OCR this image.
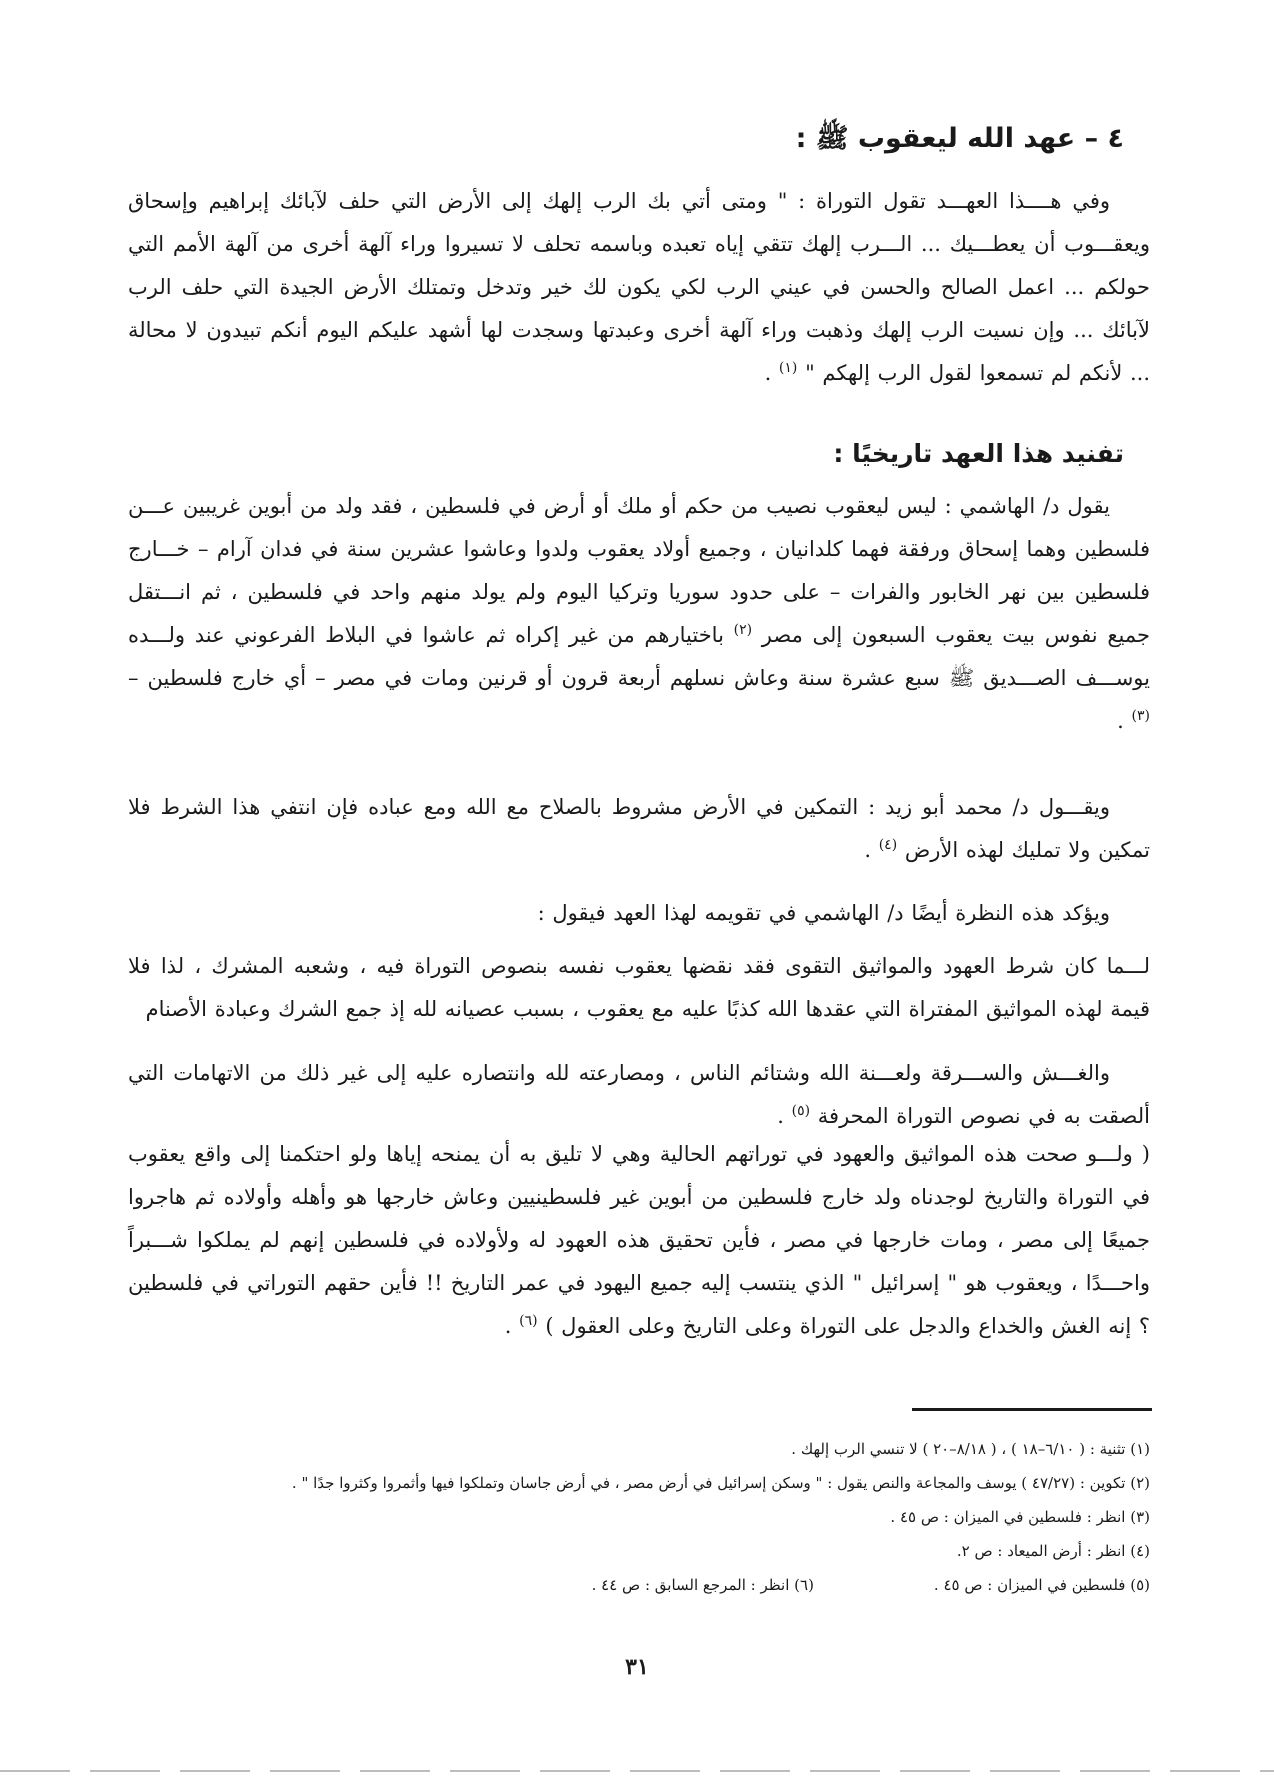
٤ – عهد الله ليعقوب ﷺ :
وفي هــــذا العهـــد تقول التوراة : " ومتى أتي بك الرب إلهك إلى الأرض التي حلف لآبائك إبراهيم وإسحاق ويعقـــوب أن يعطـــيك ... الـــرب إلهك تتقي إياه تعبده وباسمه تحلف لا تسيروا وراء آلهة أخرى من آلهة الأمم التي حولكم ... اعمل الصالح والحسن في عيني الرب لكي يكون لك خير وتدخل وتمتلك الأرض الجيدة التي حلف الرب لآبائك ... وإن نسيت الرب إلهك وذهبت وراء آلهة أخرى وعبدتها وسجدت لها أشهد عليكم اليوم أنكم تبيدون لا محالة ... لأنكم لم تسمعوا لقول الرب إلهكم " $^{(١)}$ .
تفنيد هذا العهد تاريخيًا :
يقول د/ الهاشمي : ليس ليعقوب نصيب من حكم أو ملك أو أرض في فلسطين ، فقد ولد من أبوين غريبين عـــن فلسطين وهما إسحاق ورفقة فهما كلدانيان ، وجميع أولاد يعقوب ولدوا وعاشوا عشرين سنة في فدان آرام – خـــارج فلسطين بين نهر الخابور والفرات – على حدود سوريا وتركيا اليوم ولم يولد منهم واحد في فلسطين ، ثم انـــتقل جميع نفوس بيت يعقوب السبعون إلى مصر $^{(٢)}$ باختيارهم من غير إكراه ثم عاشوا في البلاط الفرعوني عند ولـــده يوســـف الصـــديق ﷺ سبع عشرة سنة وعاش نسلهم أربعة قرون أو قرنين ومات في مصر – أي خارج فلسطين – $^{(٣)}$ .
ويقـــول د/ محمد أبو زيد : التمكين في الأرض مشروط بالصلاح مع الله ومع عباده فإن انتفي هذا الشرط فلا تمكين ولا تمليك لهذه الأرض $^{(٤)}$ .
ويؤكد هذه النظرة أيضًا د/ الهاشمي في تقويمه لهذا العهد فيقول :
لـــما كان شرط العهود والمواثيق التقوى فقد نقضها يعقوب نفسه بنصوص التوراة فيه ، وشعبه المشرك ، لذا فلا قيمة لهذه المواثيق المفتراة التي عقدها الله كذبًا عليه مع يعقوب ، بسبب عصيانه لله إذ جمع الشرك وعبادة الأصنام
والغـــش والســـرقة ولعـــنة الله وشتائم الناس ، ومصارعته لله وانتصاره عليه إلى غير ذلك من الاتهامات التي ألصقت به في نصوص التوراة المحرفة $^{(٥)}$ .
( ولـــو صحت هذه المواثيق والعهود في توراتهم الحالية وهي لا تليق به أن يمنحه إياها ولو احتكمنا إلى واقع يعقوب في التوراة والتاريخ لوجدناه ولد خارج فلسطين من أبوين غير فلسطينيين وعاش خارجها هو وأهله وأولاده ثم هاجروا جميعًا إلى مصر ، ومات خارجها في مصر ، فأين تحقيق هذه العهود له ولأولاده في فلسطين إنهم لم يملكوا شـــبراً واحـــدًا ، ويعقوب هو " إسرائيل " الذي ينتسب إليه جميع اليهود في عمر التاريخ !! فأين حقهم التوراتي في فلسطين ؟ إنه الغش والخداع والدجل على التوراة وعلى التاريخ وعلى العقول ) $^{(٦)}$ .
(١) تثنية : ( ٦/١٠–١٨ ) ، ( ٨/١٨–٢٠ ) لا تنسي الرب إلهك .
(٢) تكوين : (٤٧/٢٧ ) يوسف والمجاعة والنص يقول : " وسكن إسرائيل في أرض مصر ، في أرض جاسان وتملكوا فيها وأثمروا وكثروا جدًا " .
(٣) انظر : فلسطين في الميزان : ص ٤٥ .
(٤) انظر : أرض الميعاد : ص ٢.
(٥) فلسطين في الميزان : ص ٤٥ .
(٦) انظر : المرجع السابق : ص ٤٤ .
٣١
